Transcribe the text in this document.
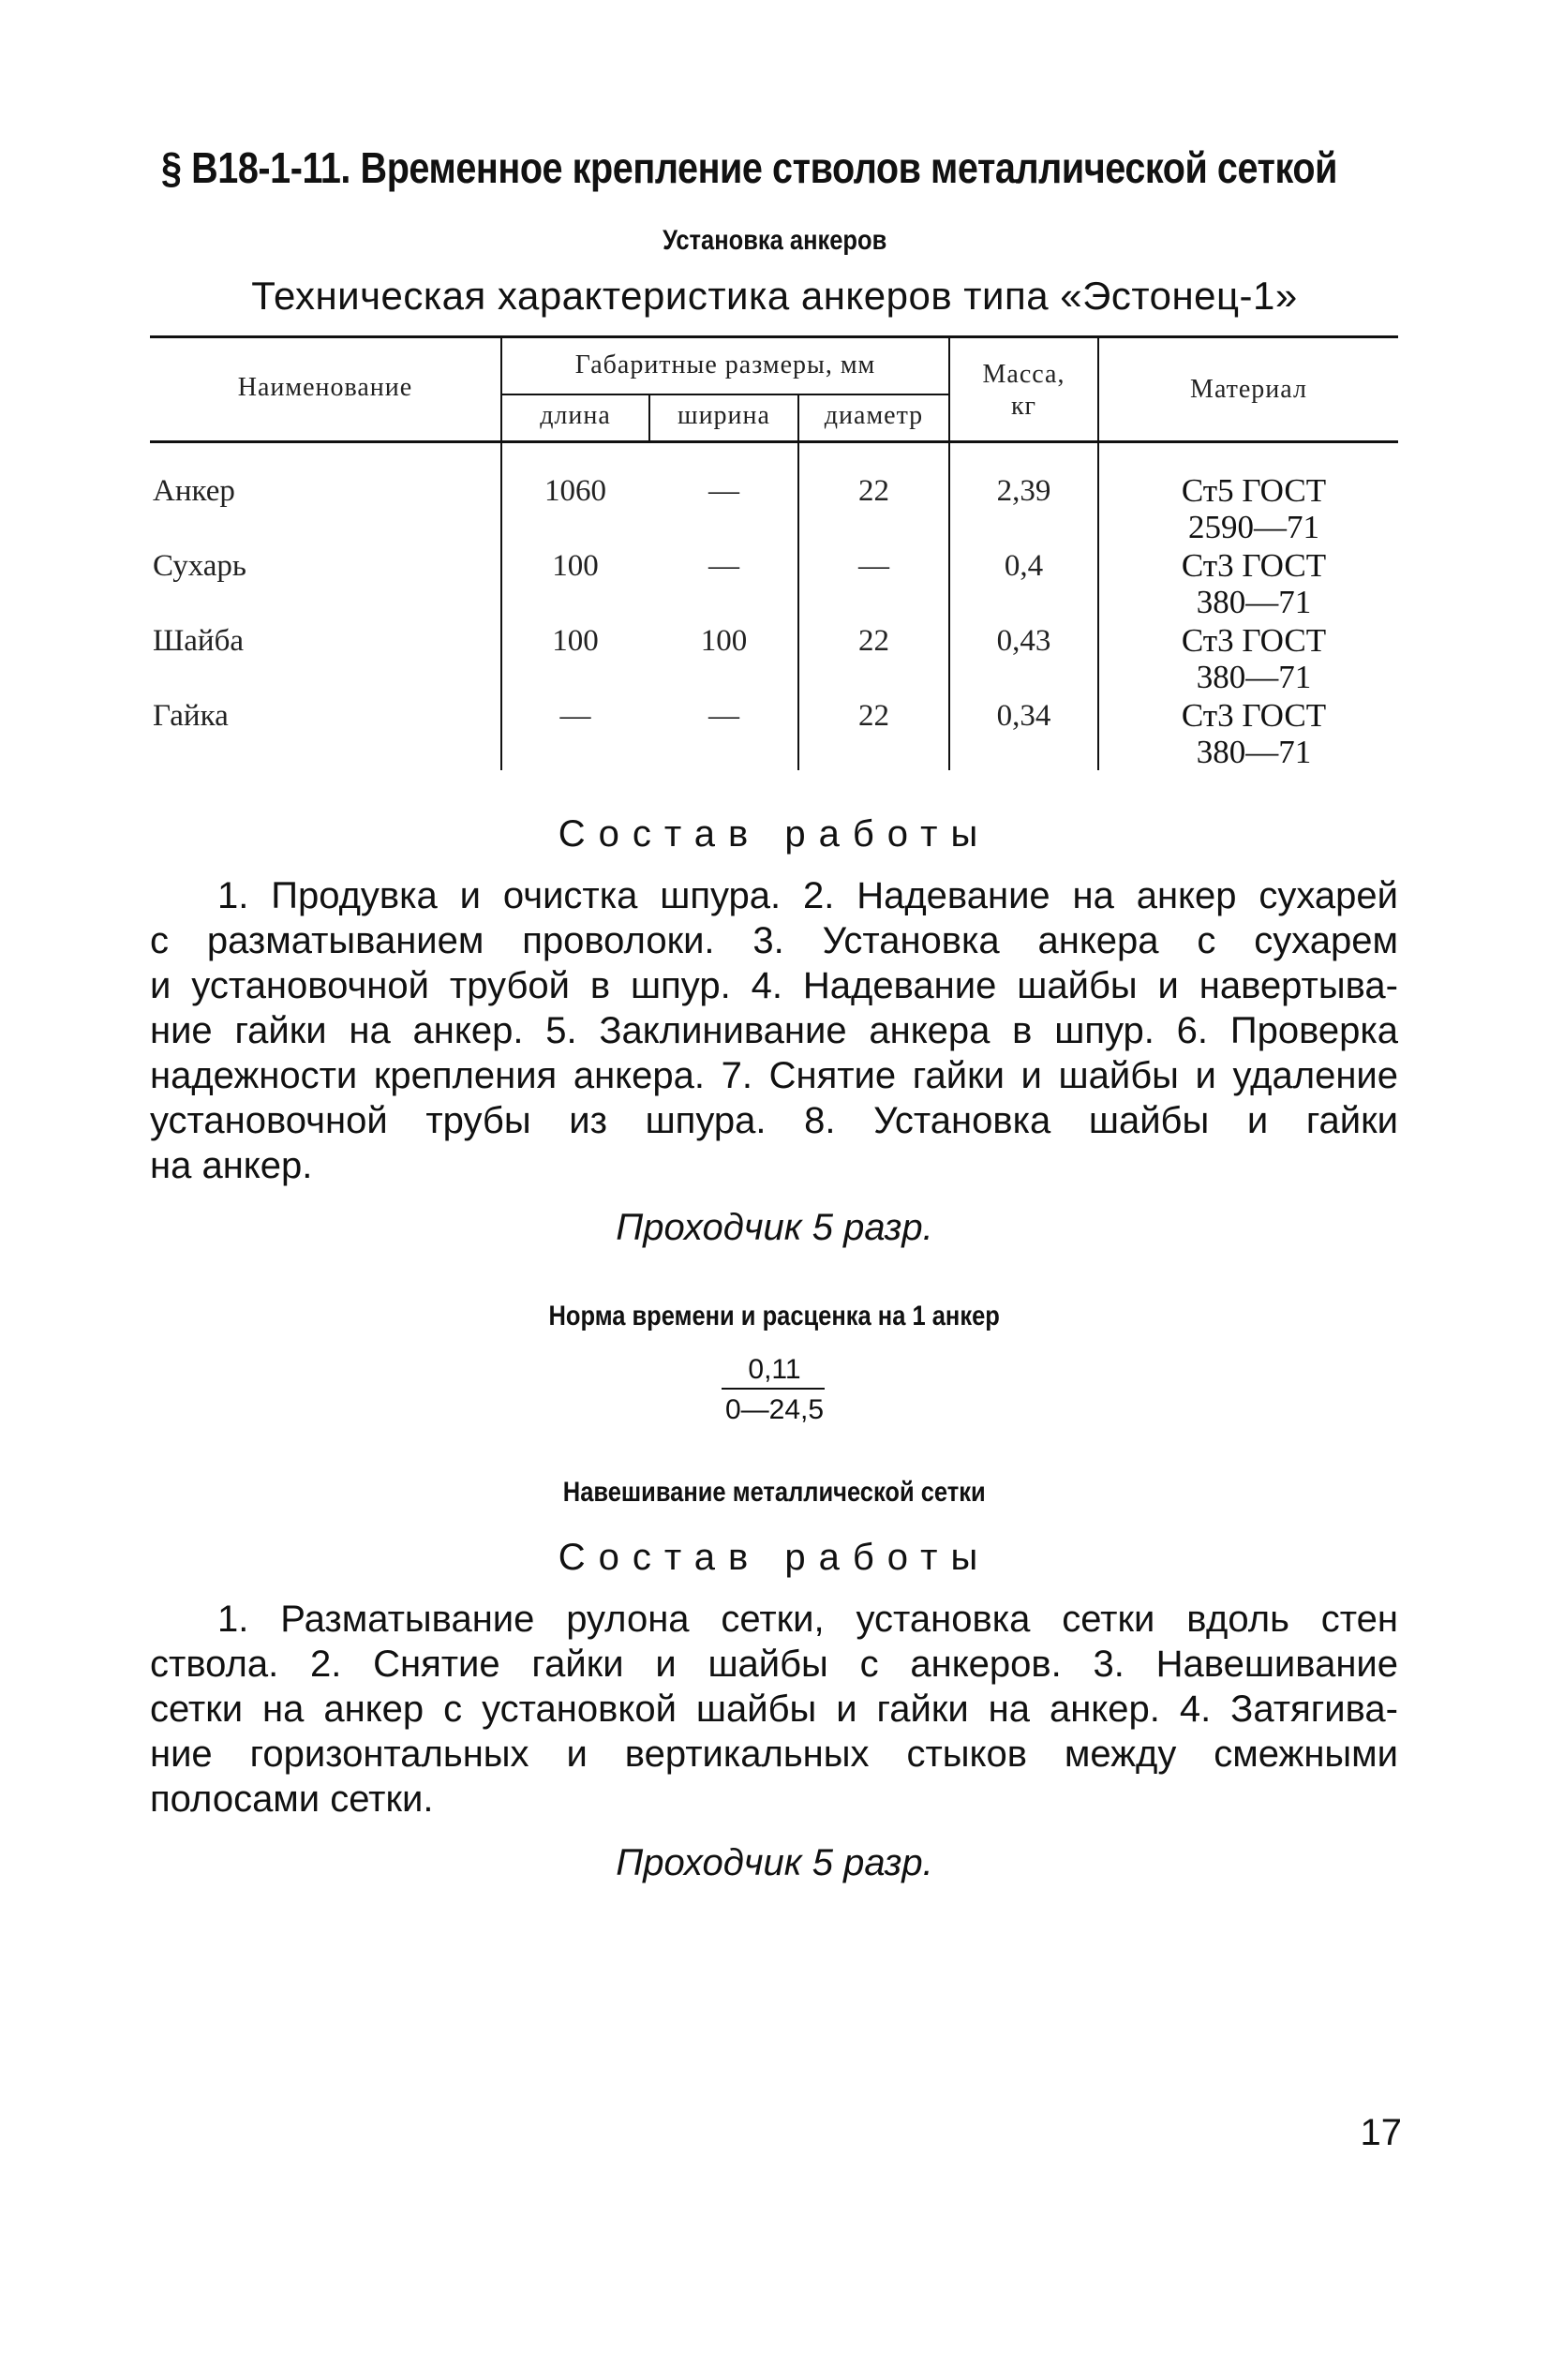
§ В18-1-11. Временное крепление стволов металлической сеткой
Установка анкеров
Техническая характеристика анкеров типа «Эстонец-1»
Наименование
Габаритные размеры, мм
длина	ширина	диаметр
Масса,
кг
Материал
Анкер	1060	—	22	2,39	Ст5 ГОСТ
2590—71
Сухарь	100	—	—	0,4	Ст3 ГОСТ
380—71
Шайба	100	100	22	0,43	Ст3 ГОСТ
380—71
Гайка	—	—	22	0,34	Ст3 ГОСТ
380—71
Состав работы
1. Продувка и очистка шпура. 2. Надевание на анкер сухарей
с разматыванием проволоки. 3. Установка анкера с сухарем
и установочной трубой в шпур. 4. Надевание шайбы и навертыва-
ние гайки на анкер. 5. Заклинивание анкера в шпур. 6. Проверка
надежности крепления анкера. 7. Снятие гайки и шайбы и удаление
установочной трубы из шпура. 8. Установка шайбы и гайки
на анкер.
Проходчик 5 разр.
Норма времени и расценка на 1 анкер
0,11
0—24,5
Навешивание металлической сетки
Состав работы
1. Разматывание рулона сетки, установка сетки вдоль стен
ствола. 2. Снятие гайки и шайбы с анкеров. 3. Навешивание
сетки на анкер с установкой шайбы и гайки на анкер. 4. Затягива-
ние горизонтальных и вертикальных стыков между смежными
полосами сетки.
Проходчик 5 разр.
17
